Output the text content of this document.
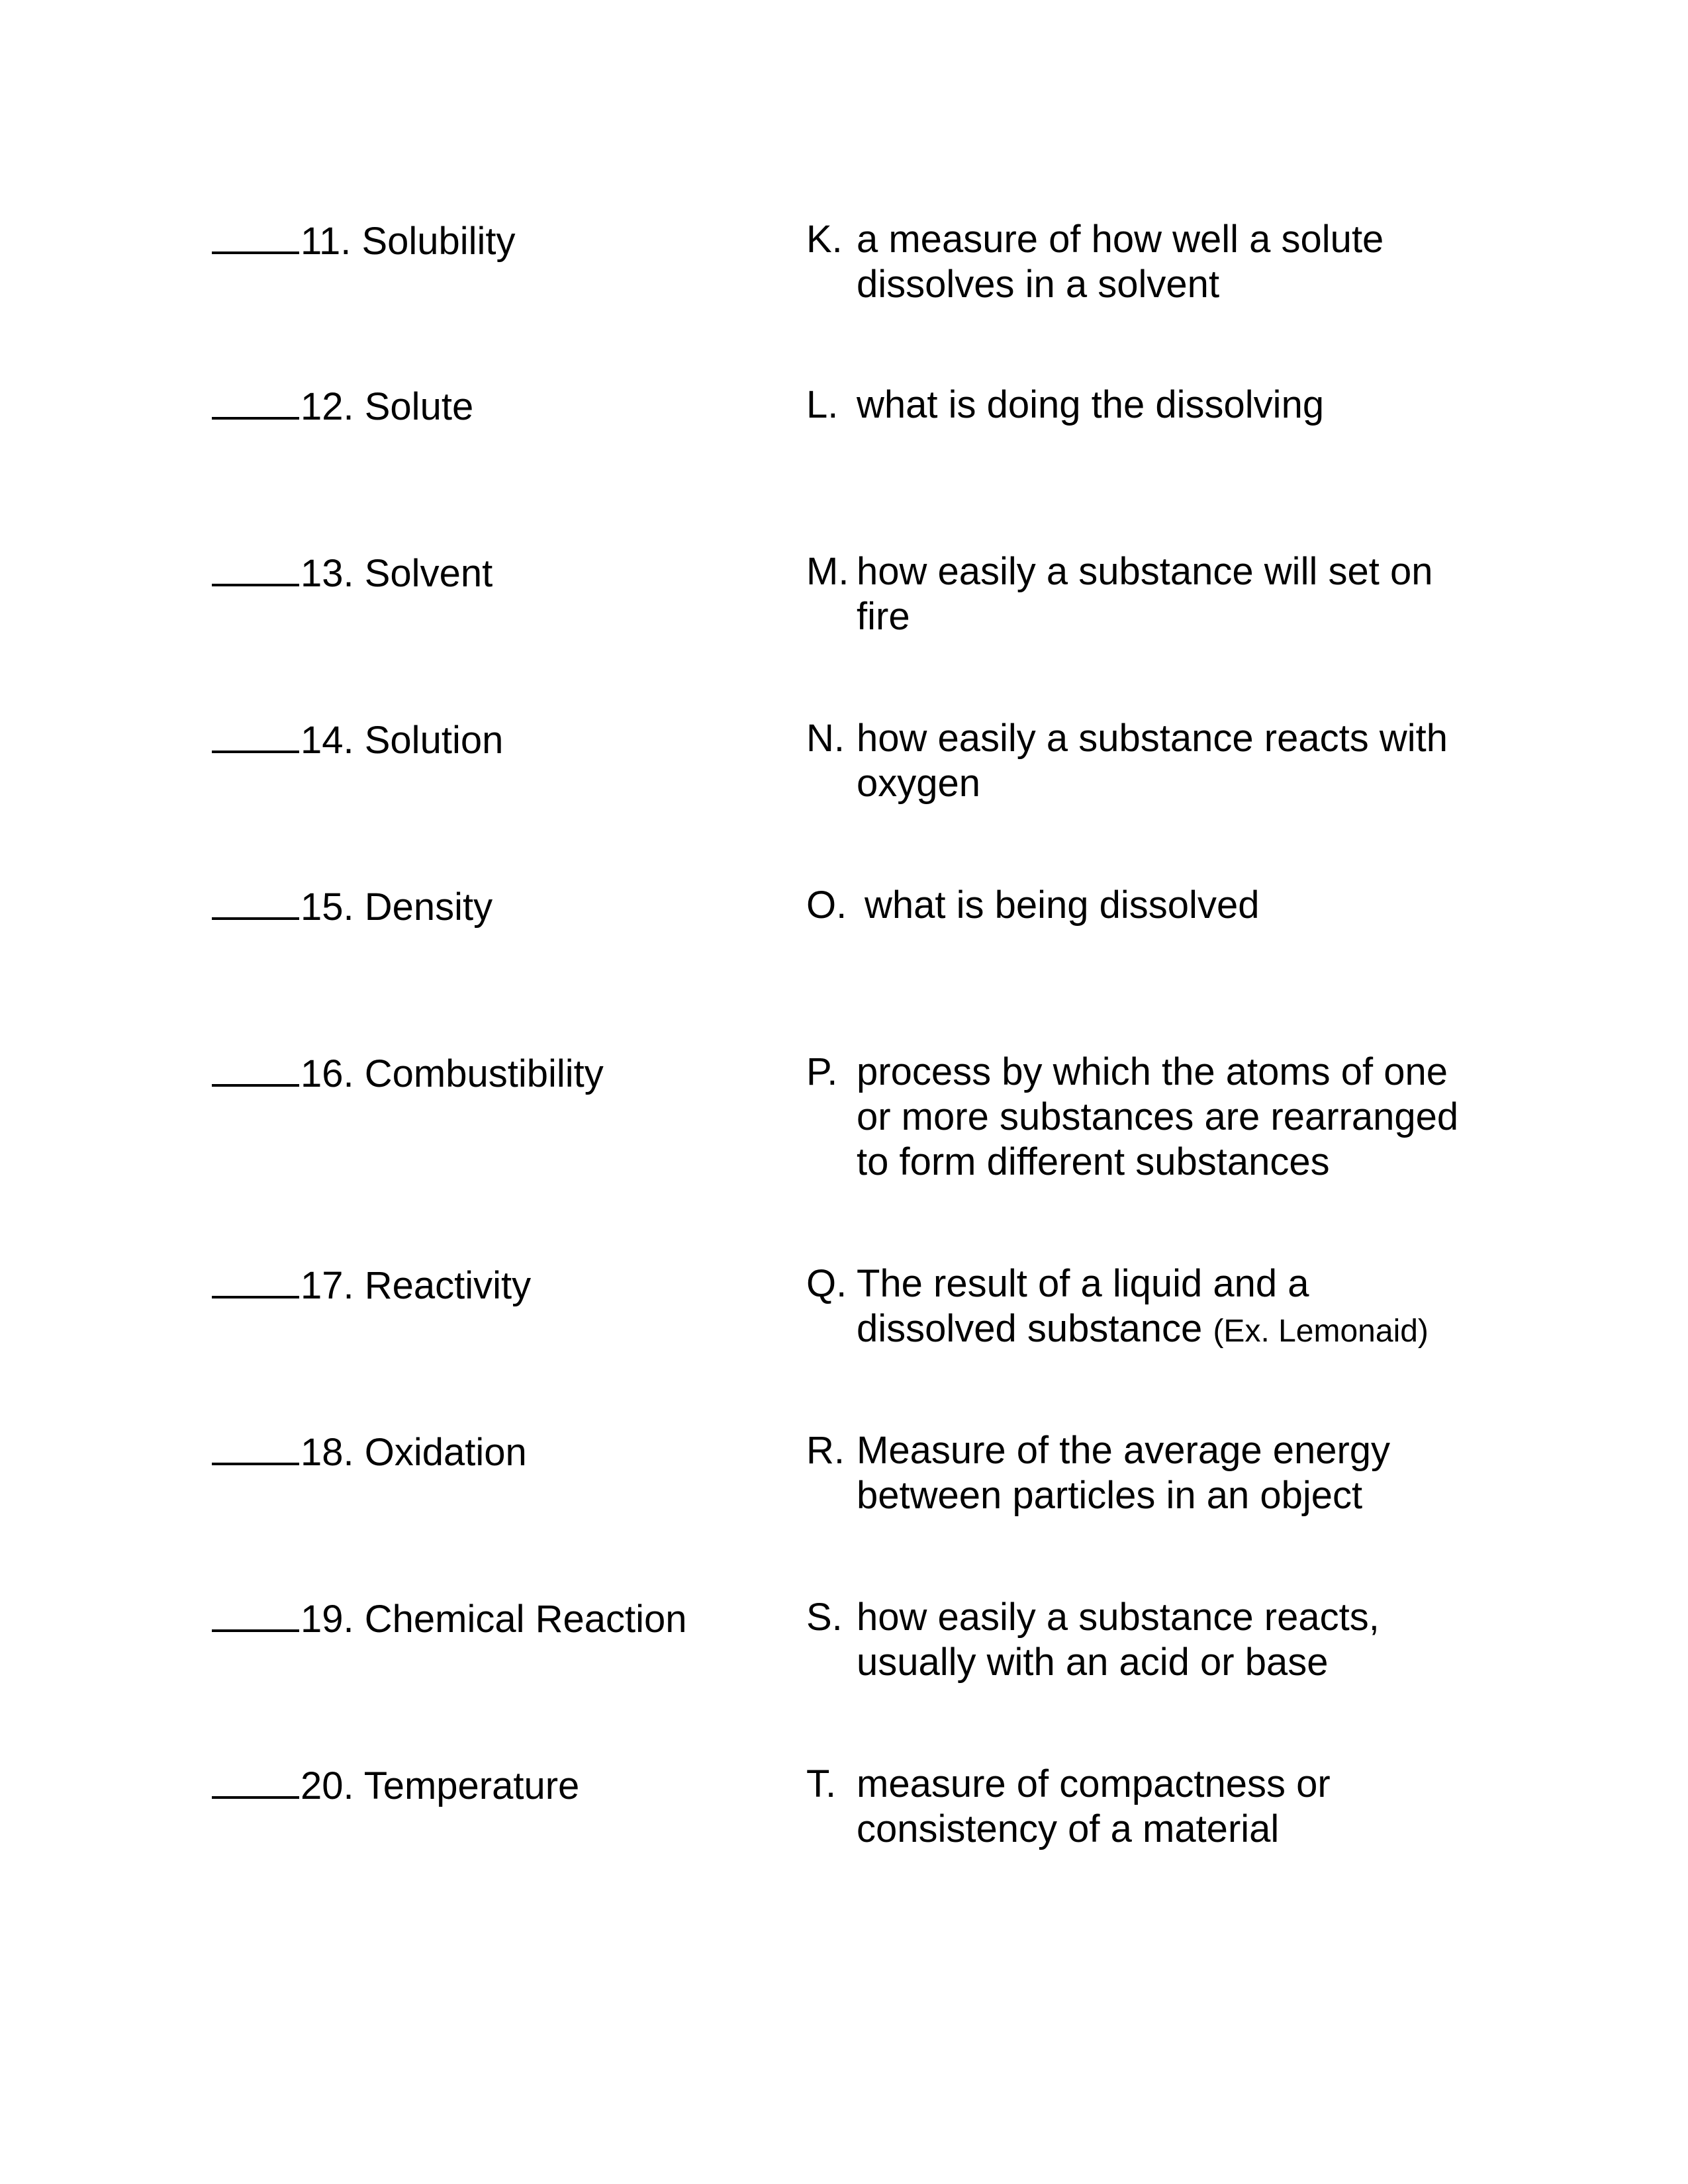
11. Solubility	K. a measure of how well a solute dissolves in a solvent
12. Solute	L. what is doing the dissolving
13. Solvent	M. how easily a substance will set on fire
14. Solution	N. how easily a substance reacts with oxygen
15. Density	O. what is being dissolved
16. Combustibility	P. process by which the atoms of one or more substances are rearranged to form different substances
17. Reactivity	Q. The result of a liquid and a dissolved substance (Ex. Lemonaid)
18. Oxidation	R. Measure of the average energy between particles in an object
19. Chemical Reaction	S. how easily a substance reacts, usually with an acid or base
20. Temperature	T. measure of compactness or consistency of a material
